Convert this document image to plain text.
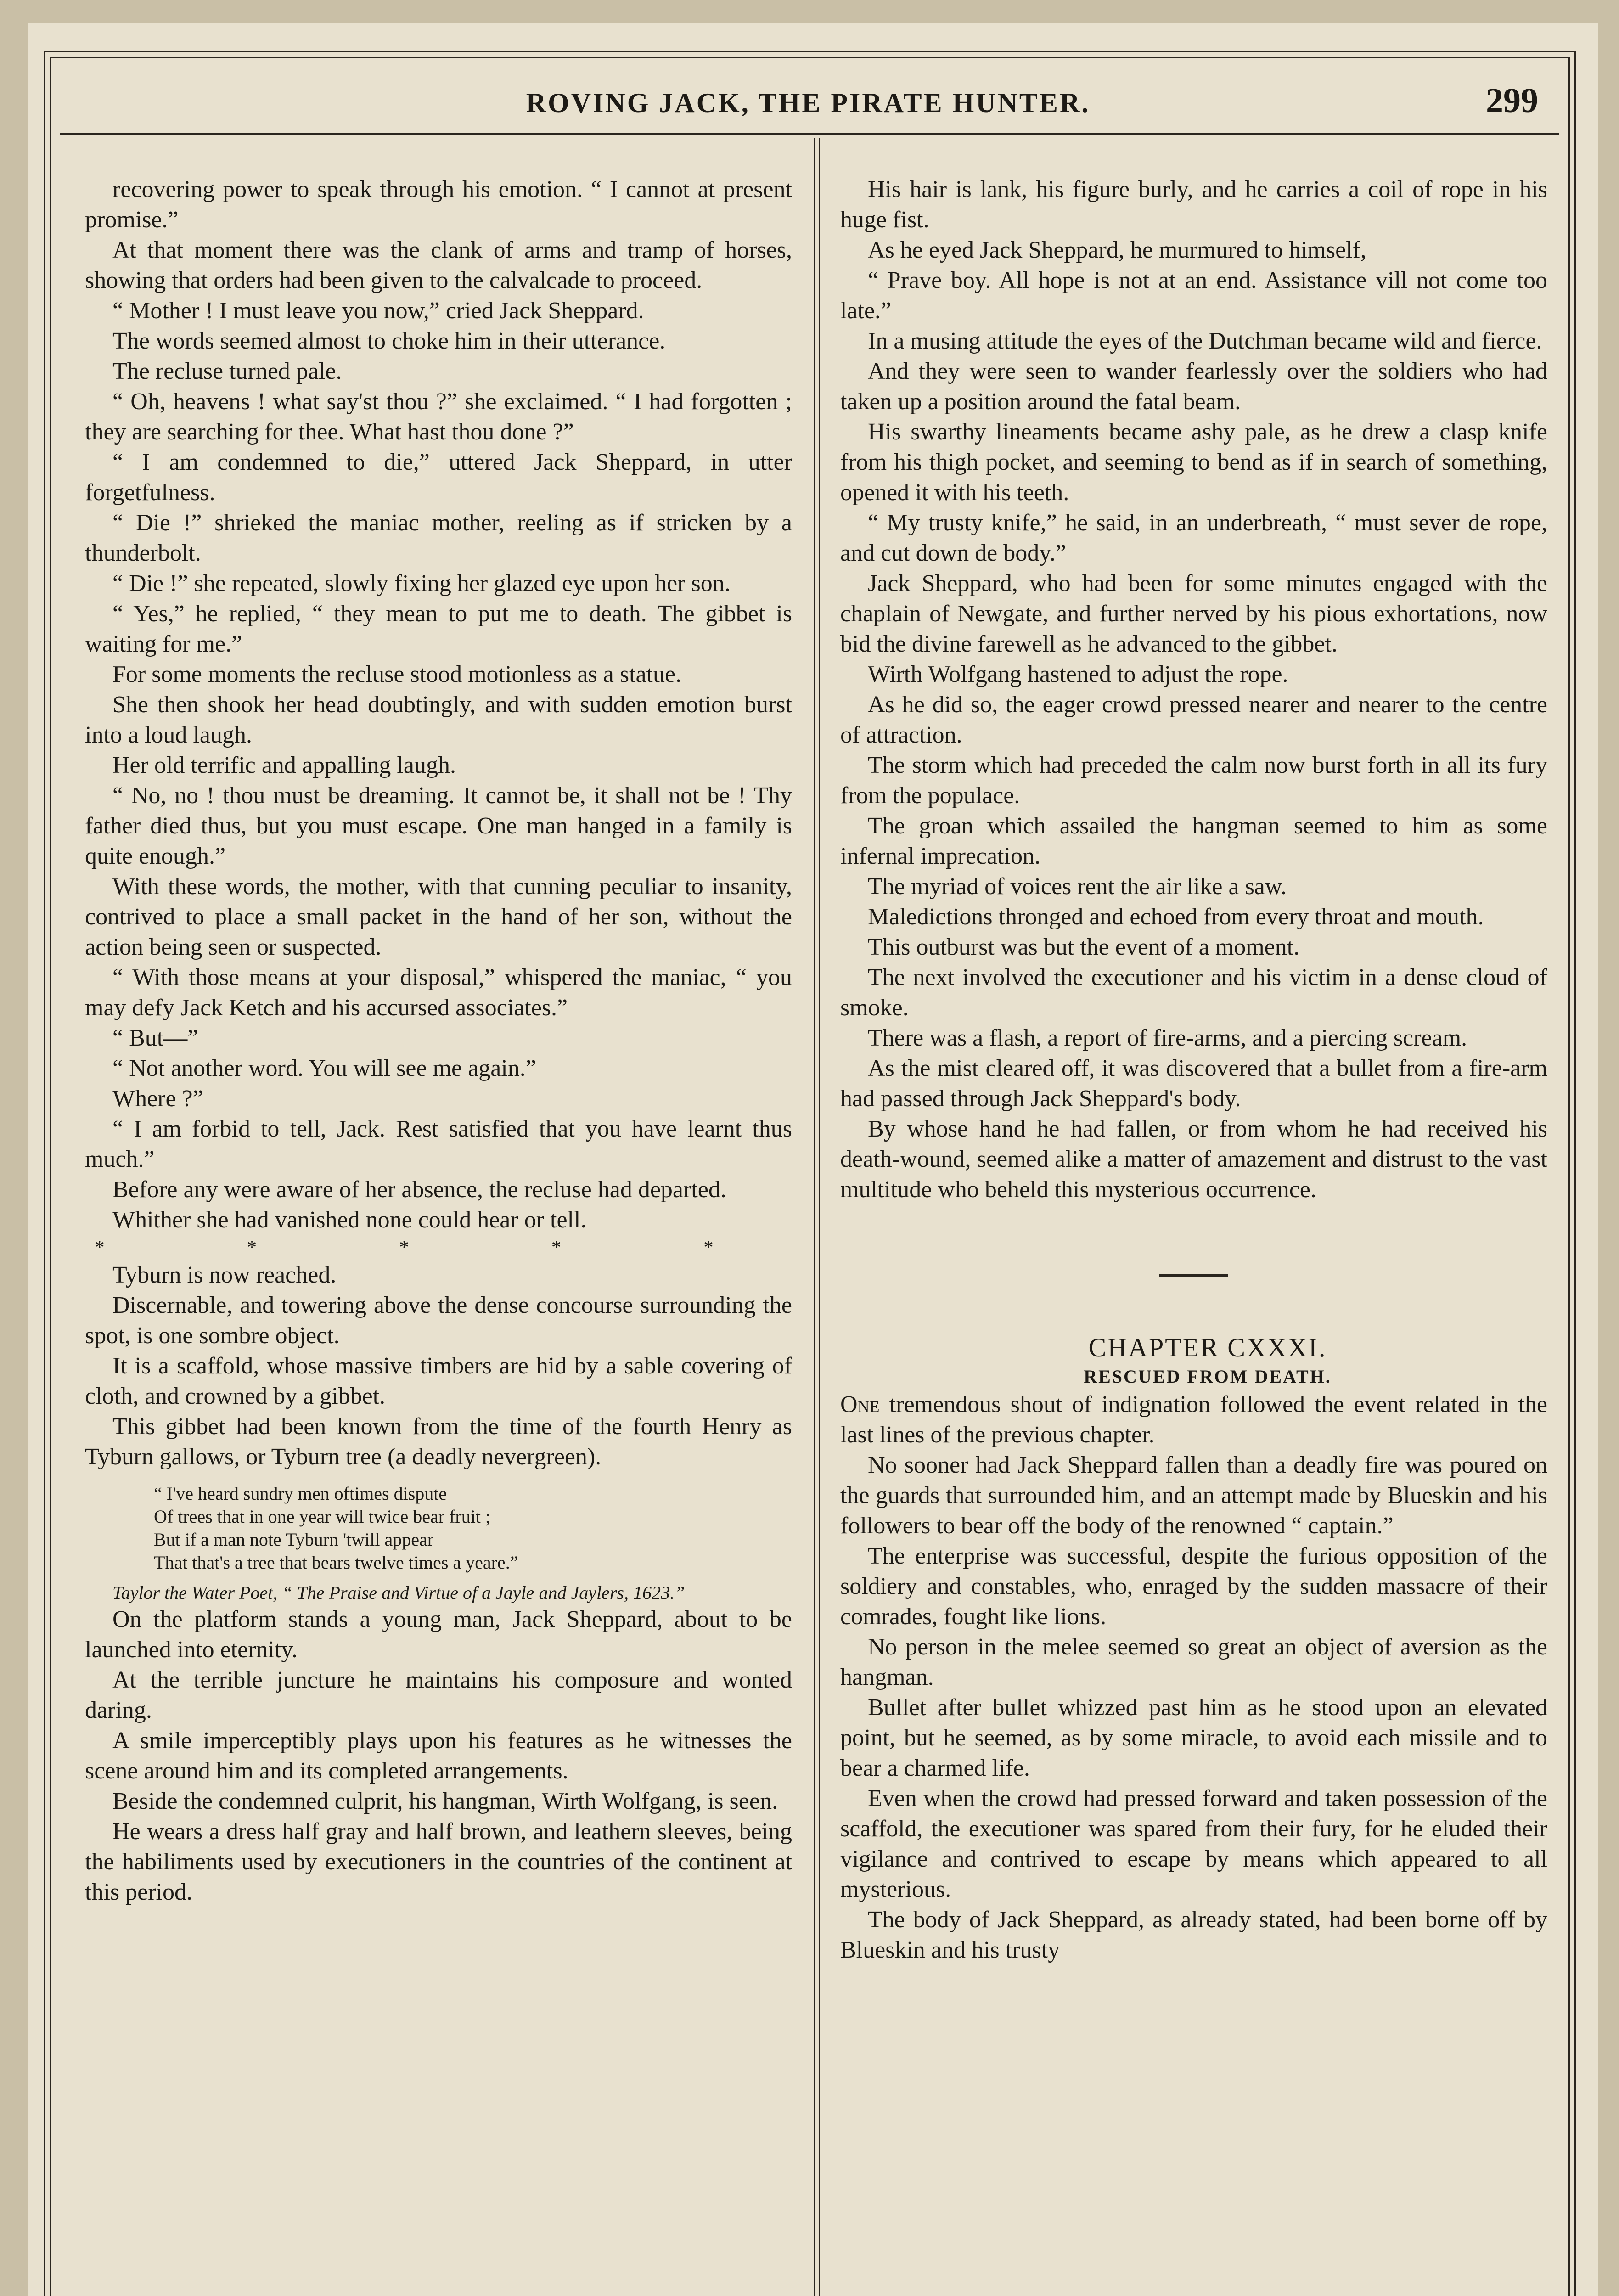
ROVING JACK, THE PIRATE HUNTER.	299

recovering power to speak through his emotion. “ I cannot at present promise.”

At that moment there was the clank of arms and tramp of horses, showing that orders had been given to the calvalcade to proceed.

“ Mother ! I must leave you now,” cried Jack Sheppard.

The words seemed almost to choke him in their utterance.

The recluse turned pale.

“ Oh, heavens ! what say'st thou ?” she exclaimed. “ I had forgotten ; they are searching for thee. What hast thou done ?”

“ I am condemned to die,” uttered Jack Sheppard, in utter forgetfulness.

“ Die !” shrieked the maniac mother, reeling as if stricken by a thunderbolt.

“ Die !” she repeated, slowly fixing her glazed eye upon her son.

“ Yes,” he replied, “ they mean to put me to death. The gibbet is waiting for me.”

For some moments the recluse stood motionless as a statue.

She then shook her head doubtingly, and with sudden emotion burst into a loud laugh.

Her old terrific and appalling laugh.

“ No, no ! thou must be dreaming. It cannot be, it shall not be ! Thy father died thus, but you must escape. One man hanged in a family is quite enough.”

With these words, the mother, with that cunning peculiar to insanity, contrived to place a small packet in the hand of her son, without the action being seen or suspected.

“ With those means at your disposal,” whispered the maniac, “ you may defy Jack Ketch and his accursed associates.”

“ But—”

“ Not another word. You will see me again.”

Where ?”

“ I am forbid to tell, Jack. Rest satisfied that you have learnt thus much.”

Before any were aware of her absence, the recluse had departed.

Whither she had vanished none could hear or tell.

* * * * *

Tyburn is now reached.

Discernable, and towering above the dense concourse surrounding the spot, is one sombre object.

It is a scaffold, whose massive timbers are hid by a sable covering of cloth, and crowned by a gibbet.

This gibbet had been known from the time of the fourth Henry as Tyburn gallows, or Tyburn tree (a deadly nevergreen).

“ I've heard sundry men oftimes dispute
Of trees that in one year will twice bear fruit ;
But if a man note Tyburn 'twill appear
That that's a tree that bears twelve times a yeare.”

Taylor the Water Poet, “ The Praise and Virtue of a Jayle and Jaylers, 1623.”

On the platform stands a young man, Jack Sheppard, about to be launched into eternity.

At the terrible juncture he maintains his composure and wonted daring.

A smile imperceptibly plays upon his features as he witnesses the scene around him and its completed arrangements.

Beside the condemned culprit, his hangman, Wirth Wolfgang, is seen.

He wears a dress half gray and half brown, and leathern sleeves, being the habiliments used by executioners in the countries of the continent at this period.

His hair is lank, his figure burly, and he carries a coil of rope in his huge fist.

As he eyed Jack Sheppard, he murmured to himself,

“ Prave boy. All hope is not at an end. Assistance vill not come too late.”

In a musing attitude the eyes of the Dutchman became wild and fierce.

And they were seen to wander fearlessly over the soldiers who had taken up a position around the fatal beam.

His swarthy lineaments became ashy pale, as he drew a clasp knife from his thigh pocket, and seeming to bend as if in search of something, opened it with his teeth.

“ My trusty knife,” he said, in an underbreath, “ must sever de rope, and cut down de body.”

Jack Sheppard, who had been for some minutes engaged with the chaplain of Newgate, and further nerved by his pious exhortations, now bid the divine farewell as he advanced to the gibbet.

Wirth Wolfgang hastened to adjust the rope.

As he did so, the eager crowd pressed nearer and nearer to the centre of attraction.

The storm which had preceded the calm now burst forth in all its fury from the populace.

The groan which assailed the hangman seemed to him as some infernal imprecation.

The myriad of voices rent the air like a saw.

Maledictions thronged and echoed from every throat and mouth.

This outburst was but the event of a moment.

The next involved the executioner and his victim in a dense cloud of smoke.

There was a flash, a report of fire-arms, and a piercing scream.

As the mist cleared off, it was discovered that a bullet from a fire-arm had passed through Jack Sheppard's body.

By whose hand he had fallen, or from whom he had received his death-wound, seemed alike a matter of amazement and distrust to the vast multitude who beheld this mysterious occurrence.

CHAPTER CXXXI.

RESCUED FROM DEATH.

One tremendous shout of indignation followed the event related in the last lines of the previous chapter.

No sooner had Jack Sheppard fallen than a deadly fire was poured on the guards that surrounded him, and an attempt made by Blueskin and his followers to bear off the body of the renowned “ captain.”

The enterprise was successful, despite the furious opposition of the soldiery and constables, who, enraged by the sudden massacre of their comrades, fought like lions.

No person in the melee seemed so great an object of aversion as the hangman.

Bullet after bullet whizzed past him as he stood upon an elevated point, but he seemed, as by some miracle, to avoid each missile and to bear a charmed life.

Even when the crowd had pressed forward and taken possession of the scaffold, the executioner was spared from their fury, for he eluded their vigilance and contrived to escape by means which appeared to all mysterious.

The body of Jack Sheppard, as already stated, had been borne off by Blueskin and his trusty
